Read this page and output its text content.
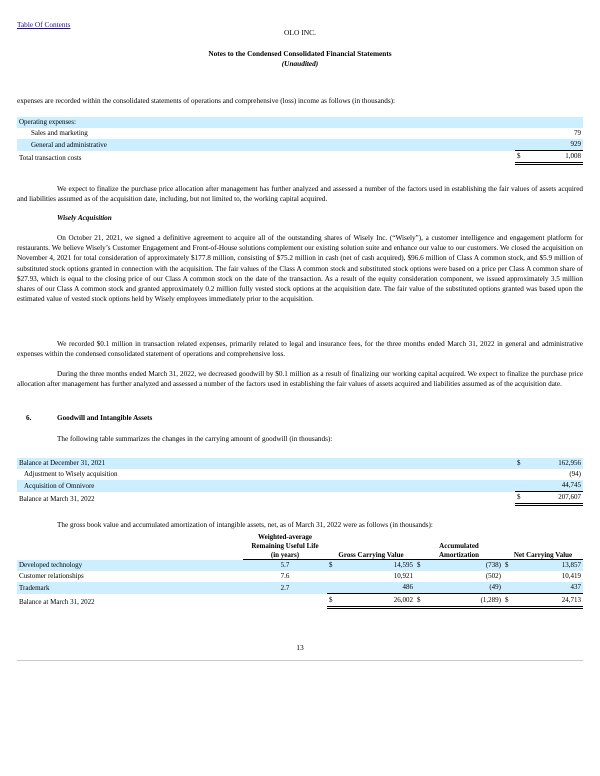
Table Of Contents
OLO INC.
Notes to the Condensed Consolidated Financial Statements
(Unaudited)

expenses are recorded within the consolidated statements of operations and comprehensive (loss) income as follows (in thousands):

Operating expenses:		
Sales and marketing		79
General and administrative		929
Total transaction costs	$	1,008

We expect to finalize the purchase price allocation after management has further analyzed and assessed a number of the factors used in establishing the fair values of assets acquired and liabilities assumed as of the acquisition date, including, but not limited to, the working capital acquired.

Wisely Acquisition

On October 21, 2021, we signed a definitive agreement to acquire all of the outstanding shares of Wisely Inc. (“Wisely”), a customer intelligence and engagement platform for restaurants. We believe Wisely’s Customer Engagement and Front-of-House solutions complement our existing solution suite and enhance our value to our customers. We closed the acquisition on November 4, 2021 for total consideration of approximately $177.8 million, consisting of $75.2 million in cash (net of cash acquired), $96.6 million of Class A common stock, and $5.9 million of substituted stock options granted in connection with the acquisition. The fair values of the Class A common stock and substituted stock options were based on a price per Class A common share of $27.93, which is equal to the closing price of our Class A common stock on the date of the transaction. As a result of the equity consideration component, we issued approximately 3.5 million shares of our Class A common stock and granted approximately 0.2 million fully vested stock options at the acquisition date. The fair value of the substituted options granted was based upon the estimated value of vested stock options held by Wisely employees immediately prior to the acquisition.

We recorded $0.1 million in transaction related expenses, primarily related to legal and insurance fees, for the three months ended March 31, 2022 in general and administrative expenses within the condensed consolidated statement of operations and comprehensive loss.

During the three months ended March 31, 2022, we decreased goodwill by $0.1 million as a result of finalizing our working capital acquired. We expect to finalize the purchase price allocation after management has further analyzed and assessed a number of the factors used in establishing the fair values of assets acquired and liabilities assumed as of the acquisition date.

6.	Goodwill and Intangible Assets

The following table summarizes the changes in the carrying amount of goodwill (in thousands):

Balance at December 31, 2021	$	162,956
Adjustment to Wisely acquisition		(94)
Acquisition of Omnivore		44,745
Balance at March 31, 2022	$	207,607

The gross book value and accumulated amortization of intangible assets, net, as of March 31, 2022 were as follows (in thousands):

	Weighted-average
Remaining Useful Life
(in years)	Gross Carrying Value		Accumulated
Amortization		Net Carrying Value	
Developed technology	5.7	$	14,595	$	(738)	$	13,857
Customer relationships	7.6		10,921		(502)		10,419
Trademark	2.7		486		(49)		437
Balance at March 31, 2022		$	26,002	$	(1,289)	$	24,713
13
